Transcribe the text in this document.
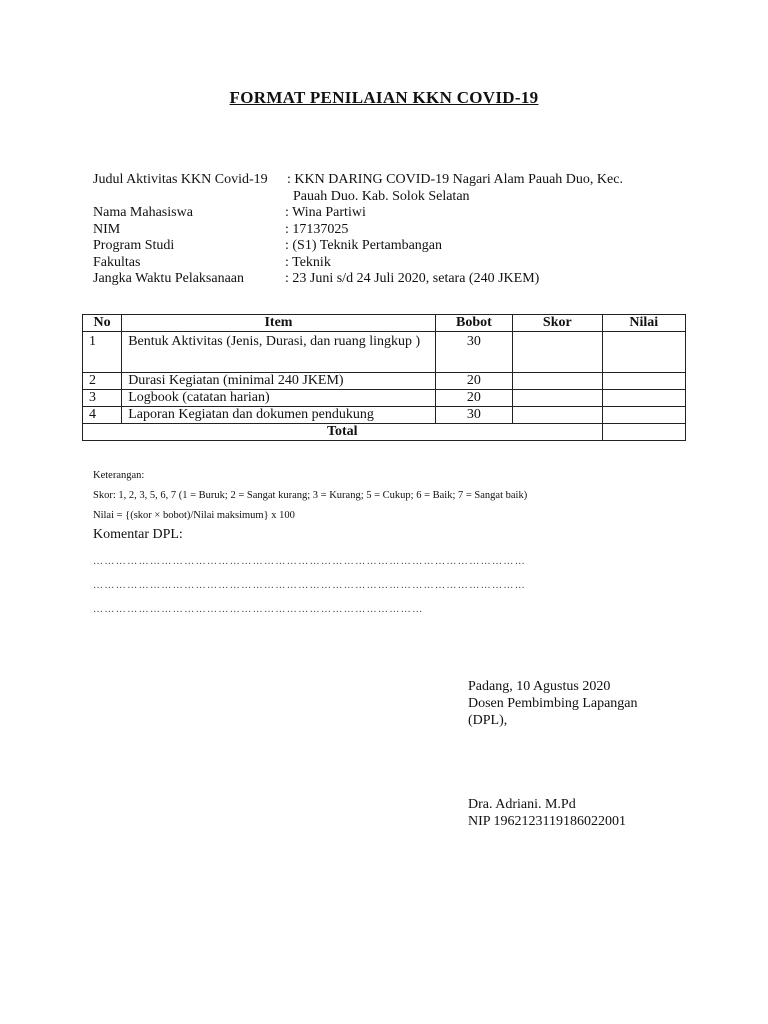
FORMAT PENILAIAN KKN COVID-19
Judul Aktivitas KKN Covid-19	: KKN DARING COVID-19 Nagari Alam Pauah Duo, Kec.
Pauah Duo. Kab. Solok Selatan
Nama Mahasiswa	: Wina Partiwi
NIM	: 17137025
Program Studi	: (S1) Teknik Pertambangan
Fakultas	: Teknik
Jangka Waktu Pelaksanaan	: 23 Juni s/d 24 Juli 2020, setara (240 JKEM)
No	Item	Bobot	Skor	Nilai
1	Bentuk Aktivitas (Jenis, Durasi, dan ruang lingkup )	30		
2	Durasi Kegiatan (minimal 240 JKEM)	20		
3	Logbook (catatan harian)	20		
4	Laporan Kegiatan dan dokumen pendukung	30		
Total				
Keterangan:
Skor: 1, 2, 3, 5, 6, 7 (1 = Buruk; 2 = Sangat kurang; 3 = Kurang; 5 = Cukup; 6 = Baik; 7 = Sangat baik)
Nilai = {(skor × bobot)/Nilai maksimum} x 100
Komentar DPL:
……………………………………………………………………………………………………
……………………………………………………………………………………………………
……………………………………………………………………………
Padang, 10 Agustus 2020
Dosen Pembimbing Lapangan
(DPL),
Dra. Adriani. M.Pd
NIP 1962123119186022001
